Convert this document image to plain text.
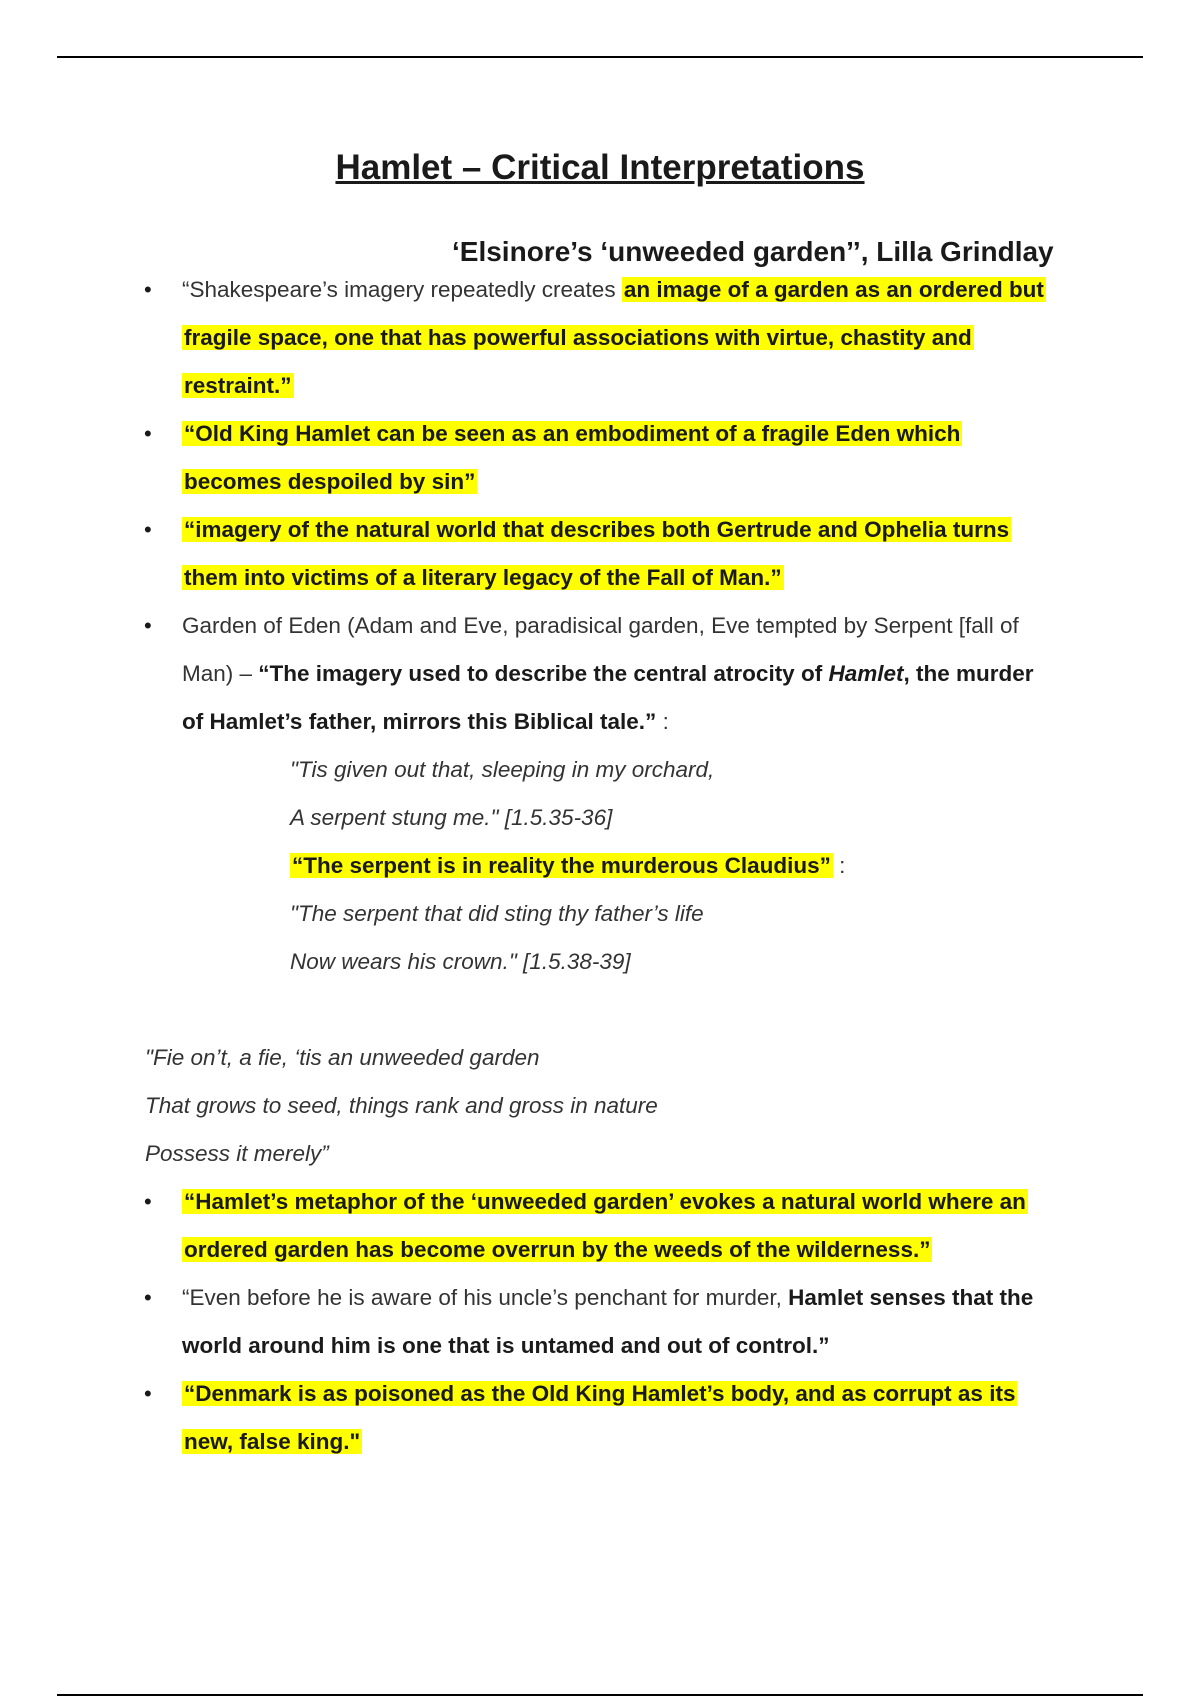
Hamlet – Critical Interpretations
‘Elsinore’s ‘unweeded garden’’, Lilla Grindlay
• “Shakespeare’s imagery repeatedly creates an image of a garden as an ordered but fragile space, one that has powerful associations with virtue, chastity and restraint.”
• “Old King Hamlet can be seen as an embodiment of a fragile Eden which becomes despoiled by sin”
• “imagery of the natural world that describes both Gertrude and Ophelia turns them into victims of a literary legacy of the Fall of Man.”
• Garden of Eden (Adam and Eve, paradisical garden, Eve tempted by Serpent [fall of Man) – “The imagery used to describe the central atrocity of Hamlet, the murder of Hamlet’s father, mirrors this Biblical tale.” :
"Tis given out that, sleeping in my orchard,
A serpent stung me." [1.5.35-36]
“The serpent is in reality the murderous Claudius” :
"The serpent that did sting thy father’s life
Now wears his crown." [1.5.38-39]
"Fie on’t, a fie, ‘tis an unweeded garden
That grows to seed, things rank and gross in nature
Possess it merely”
• “Hamlet’s metaphor of the ‘unweeded garden’ evokes a natural world where an ordered garden has become overrun by the weeds of the wilderness.”
• “Even before he is aware of his uncle’s penchant for murder, Hamlet senses that the world around him is one that is untamed and out of control.”
• “Denmark is as poisoned as the Old King Hamlet’s body, and as corrupt as its new, false king."
